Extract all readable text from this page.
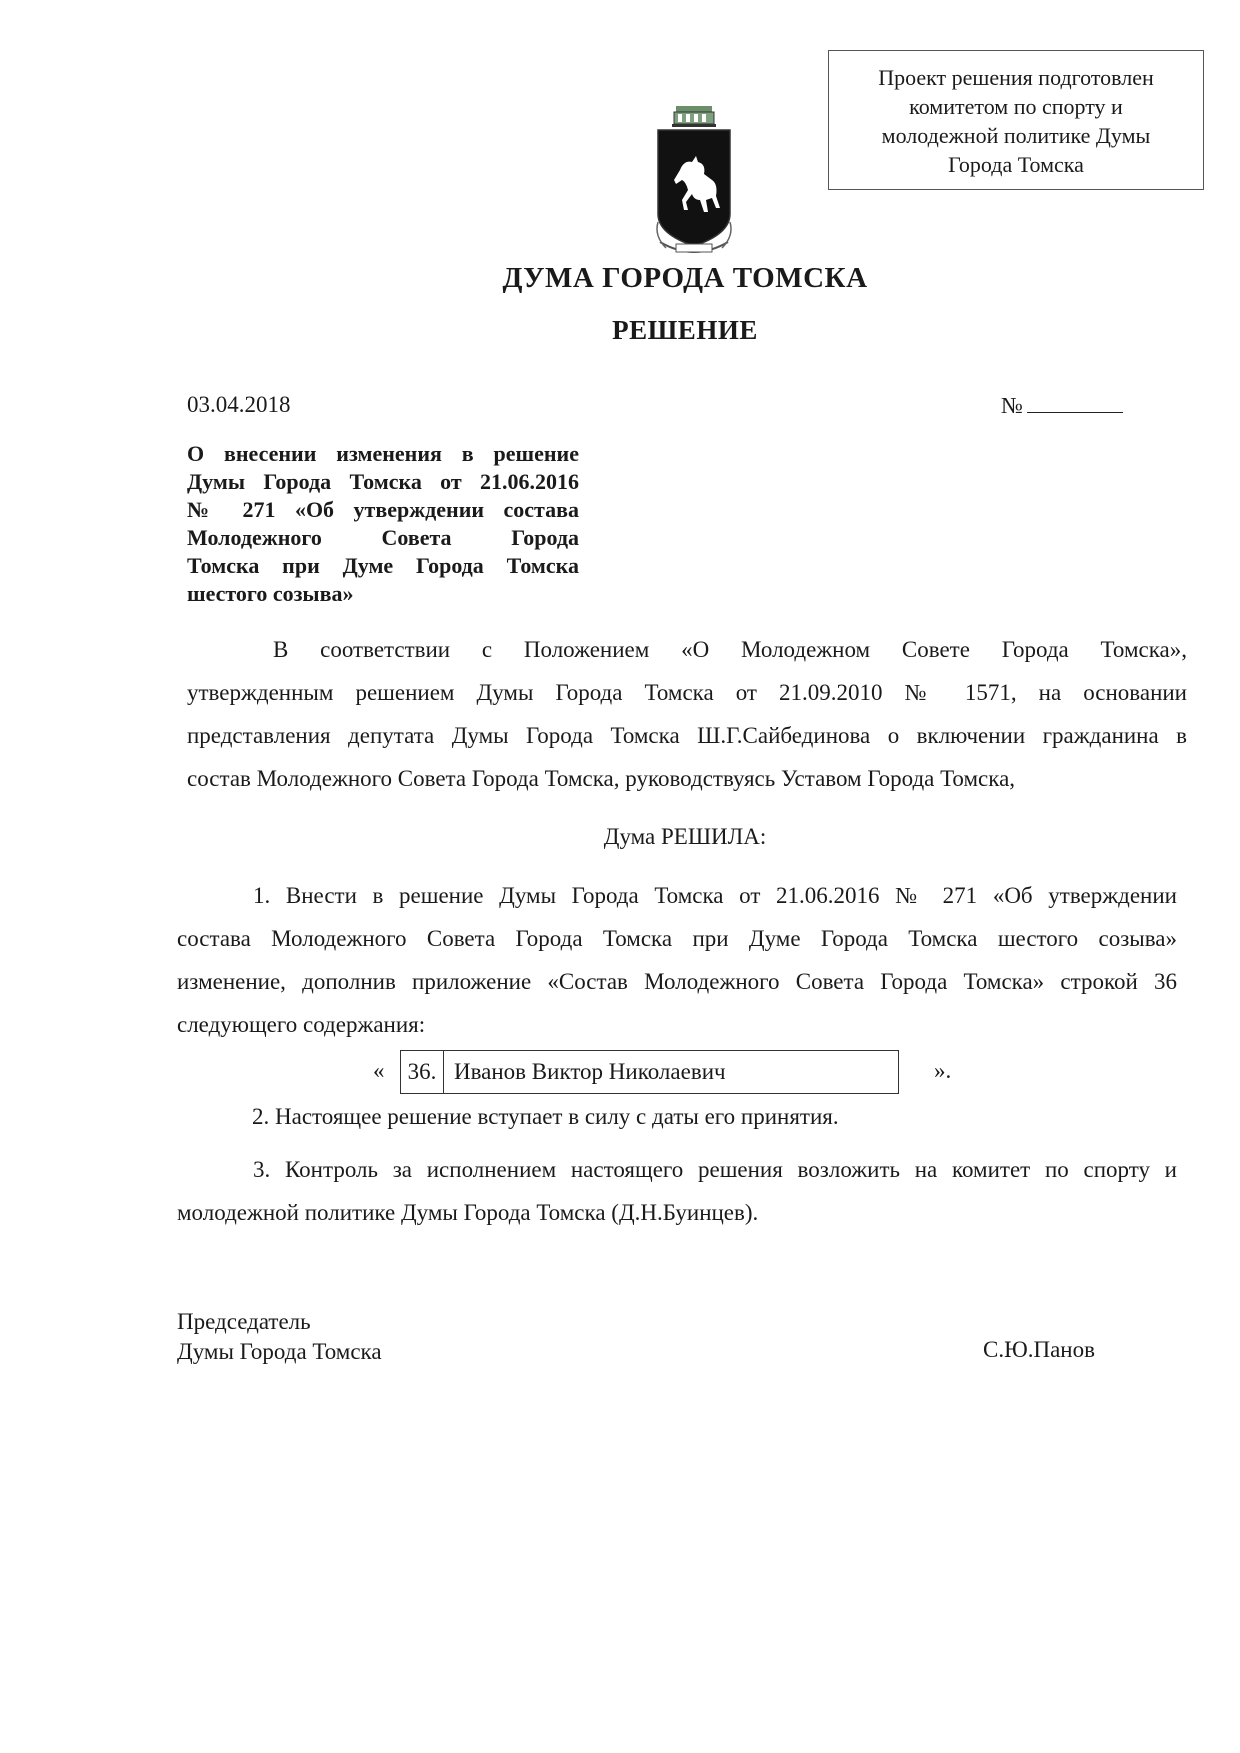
Проект решения подготовлен
комитетом по спорту и
молодежной политике Думы
Города Томска
ДУМА ГОРОДА ТОМСКА
РЕШЕНИЕ
03.04.2018	№
О внесении изменения в решение
Думы Города Томска от 21.06.2016
№ 271 «Об утверждении состава
Молодежного Совета Города
Томска при Думе Города Томска
шестого созыва»
В соответствии с Положением «О Молодежном Совете Города Томска»,
утвержденным решением Думы Города Томска от 21.09.2010 № 1571, на основании
представления депутата Думы Города Томска Ш.Г.Сайбединова о включении гражданина в
состав Молодежного Совета Города Томска, руководствуясь Уставом Города Томска,
Дума РЕШИЛА:
1. Внести в решение Думы Города Томска от 21.06.2016 № 271 «Об утверждении
состава Молодежного Совета Города Томска при Думе Города Томска шестого созыва»
изменение, дополнив приложение «Состав Молодежного Совета Города Томска» строкой 36
следующего содержания:
« 36.	Иванов Виктор Николаевич	».
2. Настоящее решение вступает в силу с даты его принятия.
3. Контроль за исполнением настоящего решения возложить на комитет по спорту и
молодежной политике Думы Города Томска (Д.Н.Буинцев).
Председатель
Думы Города Томска	С.Ю.Панов
